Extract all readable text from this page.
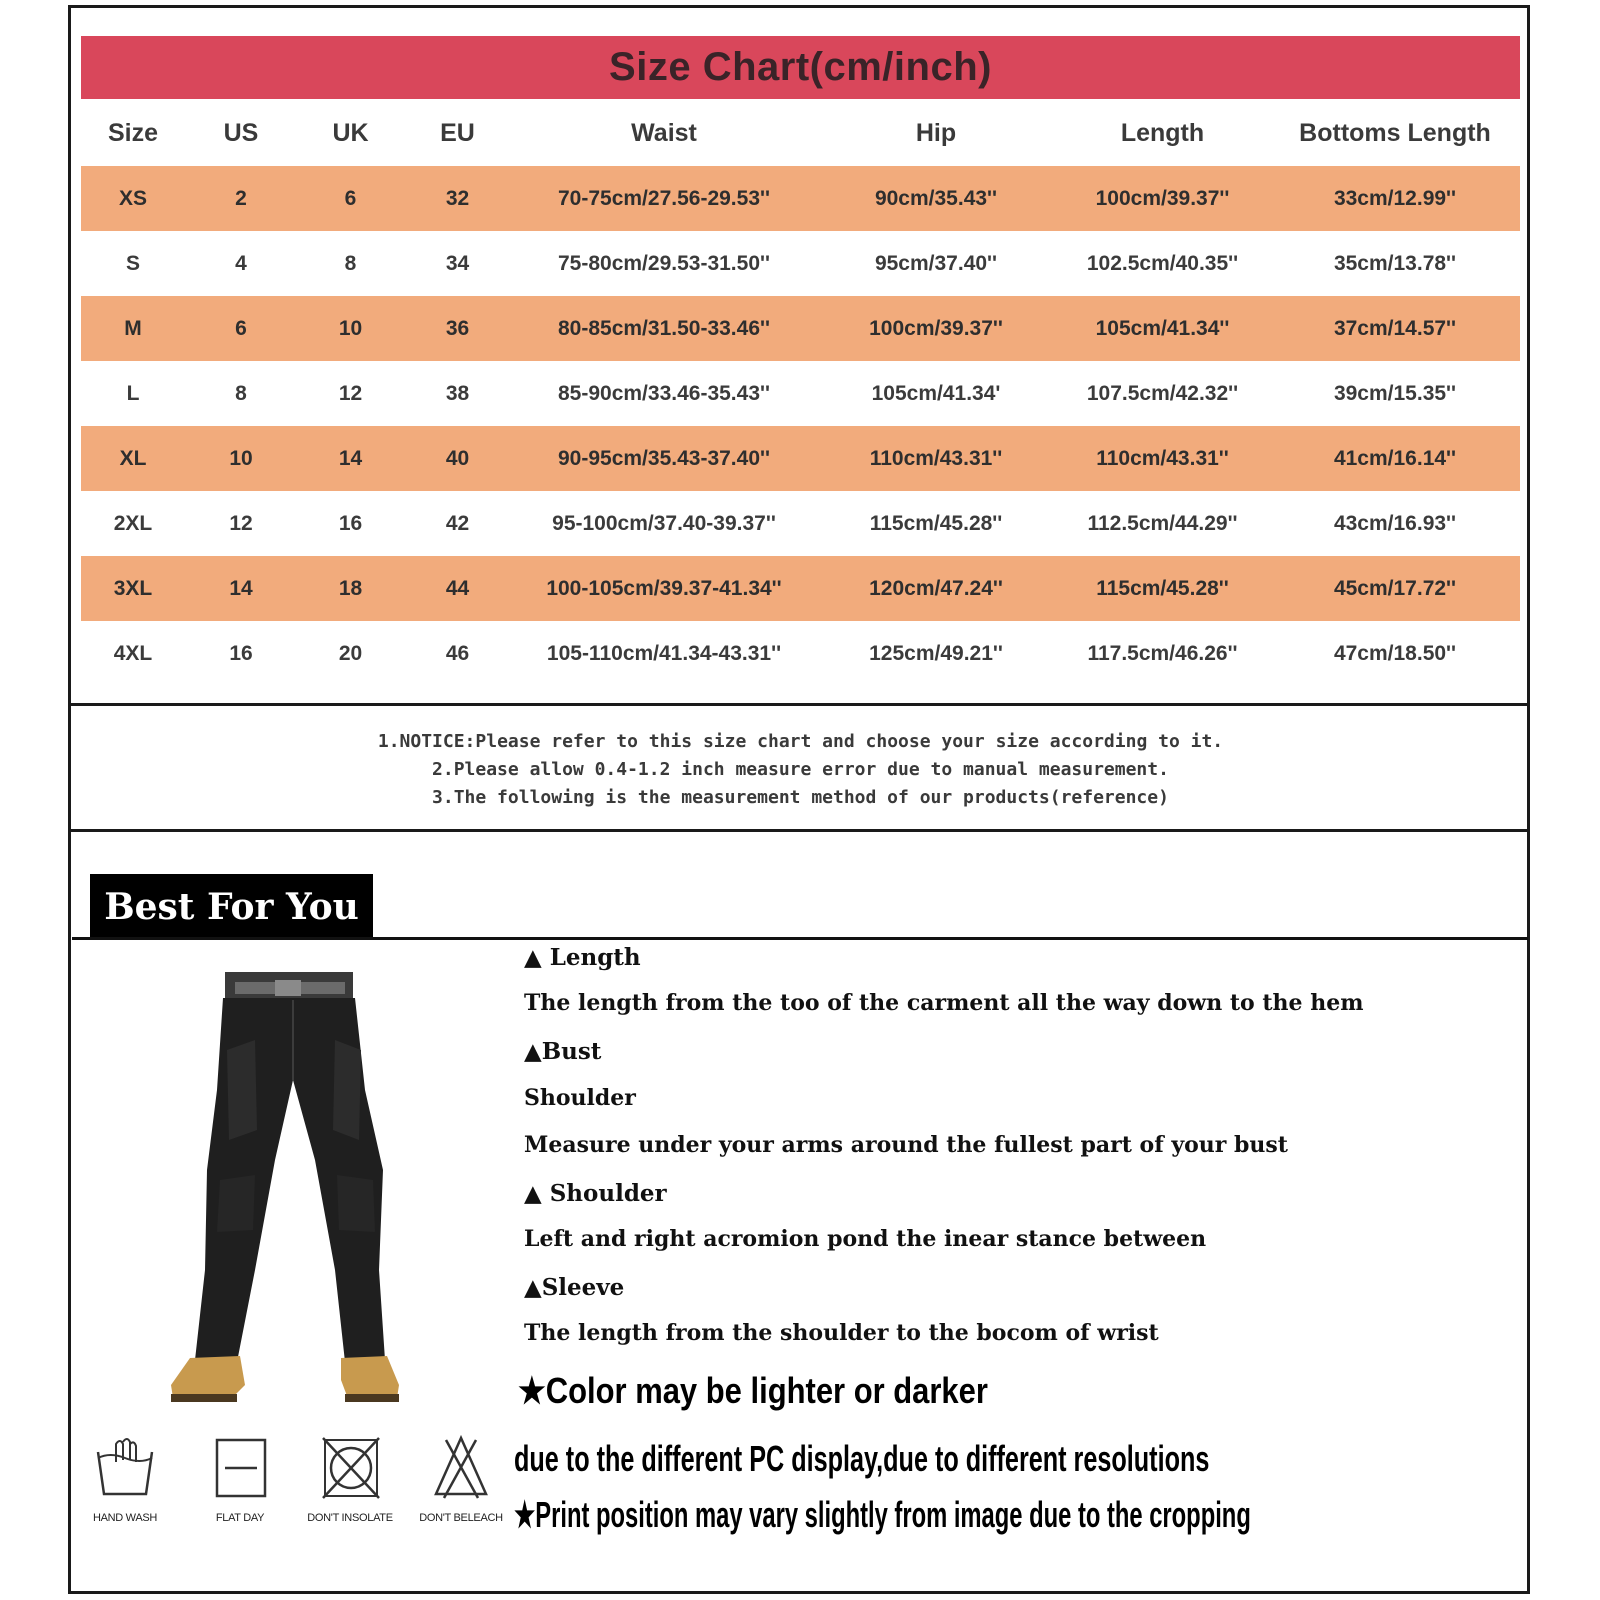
Size Chart(cm/inch)
Size	US	UK	EU	Waist	Hip	Length	Bottoms Length
XS	2	6	32	70-75cm/27.56-29.53''	90cm/35.43''	100cm/39.37''	33cm/12.99''
S	4	8	34	75-80cm/29.53-31.50''	95cm/37.40''	102.5cm/40.35''	35cm/13.78''
M	6	10	36	80-85cm/31.50-33.46''	100cm/39.37''	105cm/41.34''	37cm/14.57''
L	8	12	38	85-90cm/33.46-35.43''	105cm/41.34'	107.5cm/42.32''	39cm/15.35''
XL	10	14	40	90-95cm/35.43-37.40''	110cm/43.31''	110cm/43.31''	41cm/16.14''
2XL	12	16	42	95-100cm/37.40-39.37''	115cm/45.28''	112.5cm/44.29''	43cm/16.93''
3XL	14	18	44	100-105cm/39.37-41.34''	120cm/47.24''	115cm/45.28''	45cm/17.72''
4XL	16	20	46	105-110cm/41.34-43.31''	125cm/49.21''	117.5cm/46.26''	47cm/18.50''
1.NOTICE:Please refer to this size chart and choose your size according to it.
2.Please allow 0.4-1.2 inch measure error due to manual measurement.
3.The following is the measurement method of our products(reference)
Best For You
HAND WASH	FLAT DAY	DON'T INSOLATE	DON'T BELEACH
▲ Length
The length from the too of the carment all the way down to the hem
▲Bust
Shoulder
Measure under your arms around the fullest part of your bust
▲ Shoulder
Left and right acromion pond the inear stance between
▲Sleeve
The length from the shoulder to the bocom of wrist
★Color may be lighter or darker
due to the different PC display,due to different resolutions
★Print position may vary slightly from image due to the cropping
